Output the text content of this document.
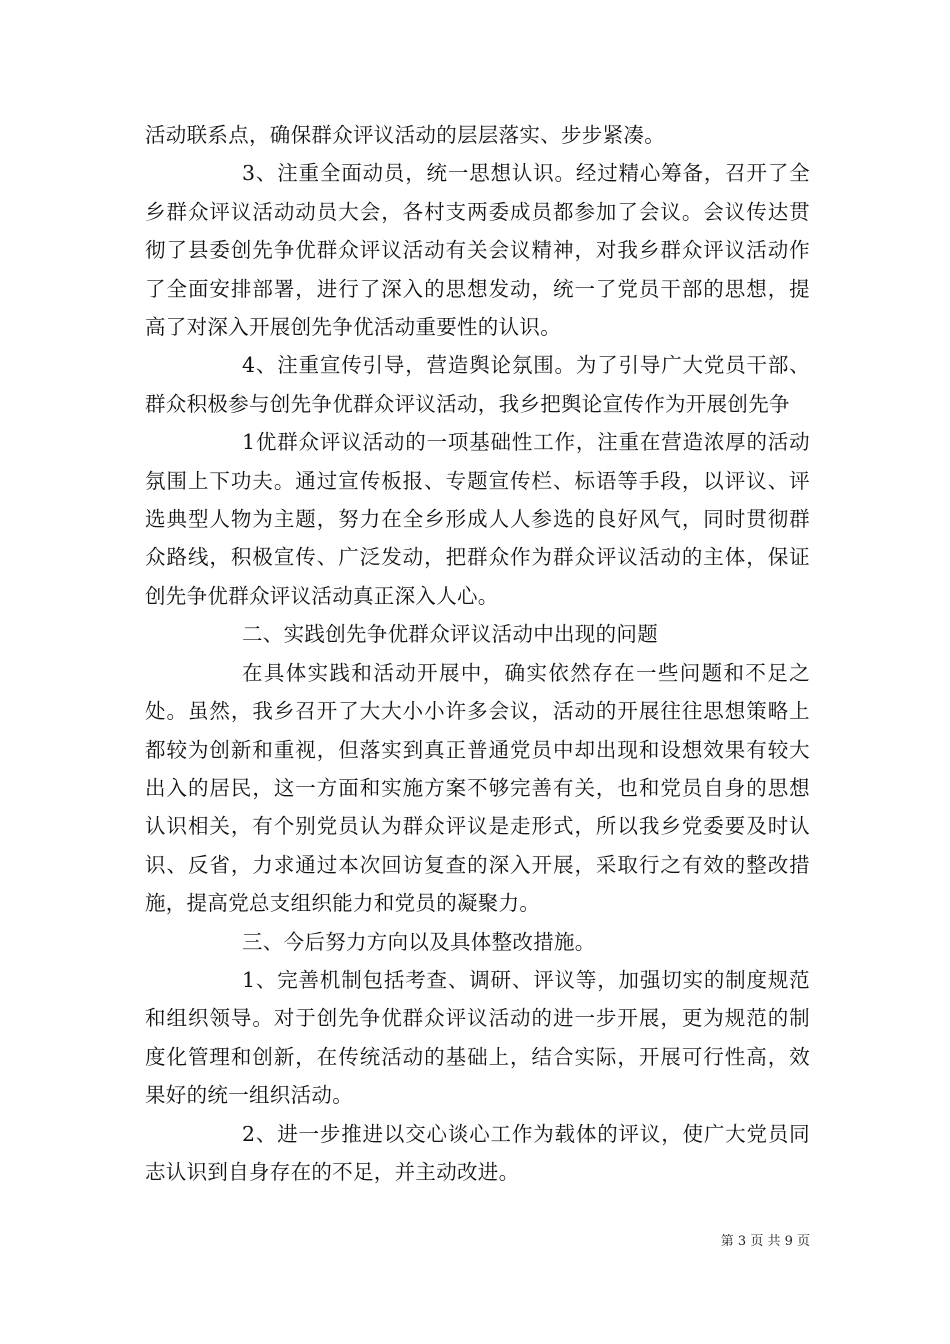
活动联系点，确保群众评议活动的层层落实、步步紧凑。

3、注重全面动员，统一思想认识。经过精心筹备，召开了全乡群众评议活动动员大会，各村支两委成员都参加了会议。会议传达贯彻了县委创先争优群众评议活动有关会议精神，对我乡群众评议活动作了全面安排部署，进行了深入的思想发动，统一了党员干部的思想，提高了对深入开展创先争优活动重要性的认识。

4、注重宣传引导，营造舆论氛围。为了引导广大党员干部、群众积极参与创先争优群众评议活动，我乡把舆论宣传作为开展创先争

1优群众评议活动的一项基础性工作，注重在营造浓厚的活动氛围上下功夫。通过宣传板报、专题宣传栏、标语等手段，以评议、评选典型人物为主题，努力在全乡形成人人参选的良好风气，同时贯彻群众路线，积极宣传、广泛发动，把群众作为群众评议活动的主体，保证创先争优群众评议活动真正深入人心。

二、实践创先争优群众评议活动中出现的问题

在具体实践和活动开展中，确实依然存在一些问题和不足之处。虽然，我乡召开了大大小小许多会议，活动的开展往往思想策略上都较为创新和重视，但落实到真正普通党员中却出现和设想效果有较大出入的居民，这一方面和实施方案不够完善有关，也和党员自身的思想认识相关，有个别党员认为群众评议是走形式，所以我乡党委要及时认识、反省，力求通过本次回访复查的深入开展，采取行之有效的整改措施，提高党总支组织能力和党员的凝聚力。

三、今后努力方向以及具体整改措施。

1、完善机制包括考查、调研、评议等，加强切实的制度规范和组织领导。对于创先争优群众评议活动的进一步开展，更为规范的制度化管理和创新，在传统活动的基础上，结合实际，开展可行性高，效果好的统一组织活动。

2、进一步推进以交心谈心工作为载体的评议，使广大党员同志认识到自身存在的不足，并主动改进。

第 3 页 共 9 页
